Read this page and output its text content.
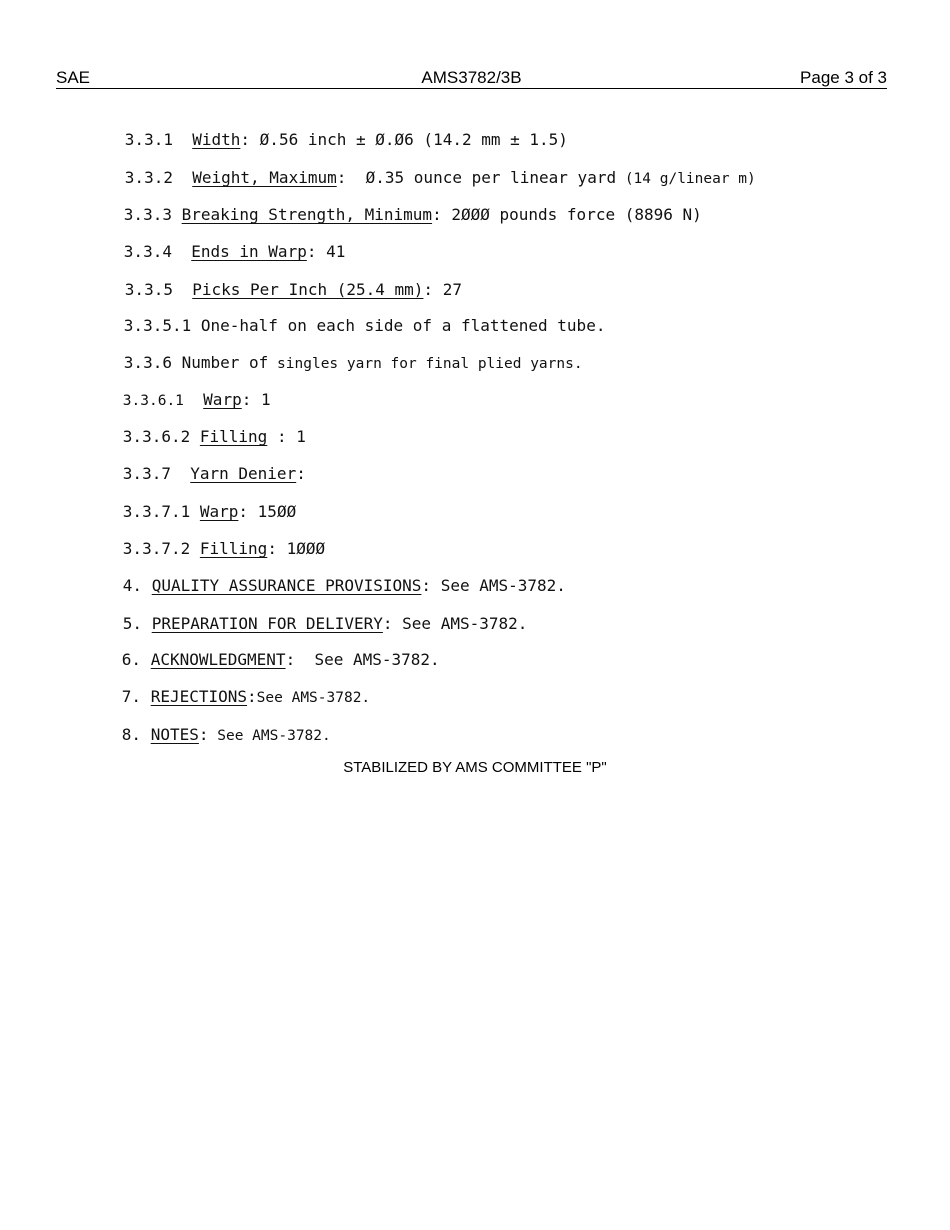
SAE	AMS3782/3B	Page 3 of 3

3.3.1 Width: Ø.56 inch ± Ø.Ø6 (14.2 mm ± 1.5)

3.3.2 Weight, Maximum:  Ø.35 ounce per linear yard (14 g/linear m)

3.3.3 Breaking Strength, Minimum: 2ØØØ pounds force (8896 N)

3.3.4 Ends in Warp: 41

3.3.5 Picks Per Inch (25.4 mm): 27

3.3.5.1 One-half on each side of a flattened tube.

3.3.6 Number of singles yarn for final plied yarns.

3.3.6.1 Warp: 1

3.3.6.2 Filling : 1

3.3.7 Yarn Denier:

3.3.7.1 Warp: 15ØØ

3.3.7.2 Filling: 1ØØØ

4. QUALITY ASSURANCE PROVISIONS: See AMS-3782.

5. PREPARATION FOR DELIVERY: See AMS-3782.

6. ACKNOWLEDGMENT:  See AMS-3782.

7. REJECTIONS:See AMS-3782.

8. NOTES: See AMS-3782.

STABILIZED BY AMS COMMITTEE "P"
